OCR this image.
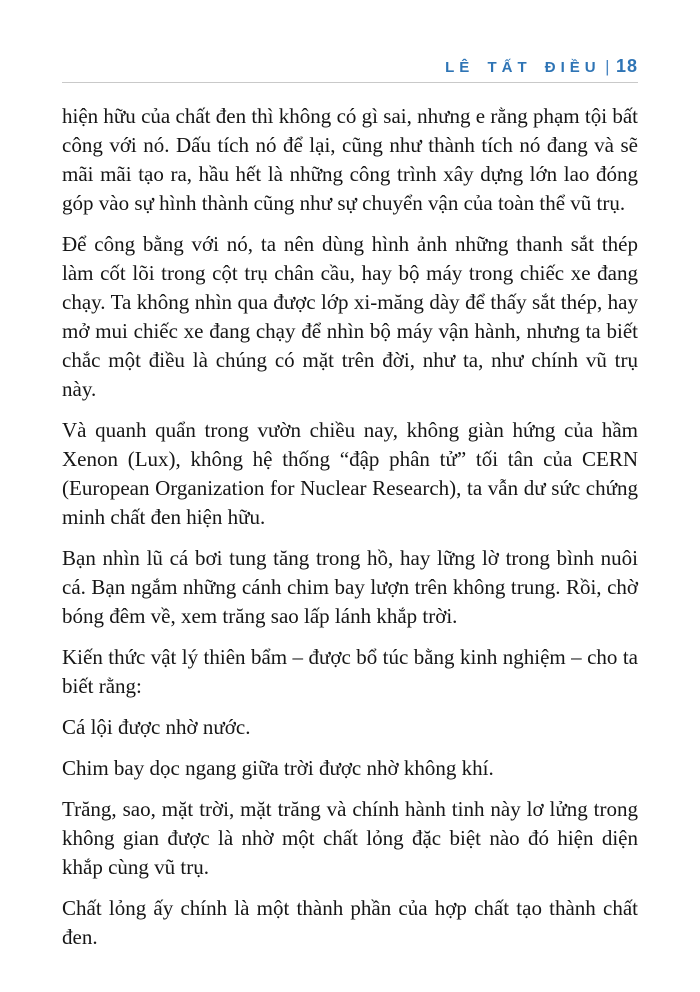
LÊ TẤT ĐIỀU | 18

hiện hữu của chất đen thì không có gì sai, nhưng e rằng phạm tội bất công với nó. Dấu tích nó để lại, cũng như thành tích nó đang và sẽ mãi mãi tạo ra, hầu hết là những công trình xây dựng lớn lao đóng góp vào sự hình thành cũng như sự chuyển vận của toàn thể vũ trụ.

Để công bằng với nó, ta nên dùng hình ảnh những thanh sắt thép làm cốt lõi trong cột trụ chân cầu, hay bộ máy trong chiếc xe đang chạy. Ta không nhìn qua được lớp xi-măng dày để thấy sắt thép, hay mở mui chiếc xe đang chạy để nhìn bộ máy vận hành, nhưng ta biết chắc một điều là chúng có mặt trên đời, như ta, như chính vũ trụ này.

Và quanh quẩn trong vườn chiều nay, không giàn hứng của hầm Xenon (Lux), không hệ thống “đập phân tử” tối tân của CERN (European Organization for Nuclear Research), ta vẫn dư sức chứng minh chất đen hiện hữu.

Bạn nhìn lũ cá bơi tung tăng trong hồ, hay lững lờ trong bình nuôi cá. Bạn ngắm những cánh chim bay lượn trên không trung. Rồi, chờ bóng đêm về, xem trăng sao lấp lánh khắp trời.

Kiến thức vật lý thiên bẩm – được bổ túc bằng kinh nghiệm – cho ta biết rằng:

Cá lội được nhờ nước.

Chim bay dọc ngang giữa trời được nhờ không khí.

Trăng, sao, mặt trời, mặt trăng và chính hành tinh này lơ lửng trong không gian được là nhờ một chất lỏng đặc biệt nào đó hiện diện khắp cùng vũ trụ.

Chất lỏng ấy chính là một thành phần của hợp chất tạo thành chất đen.
